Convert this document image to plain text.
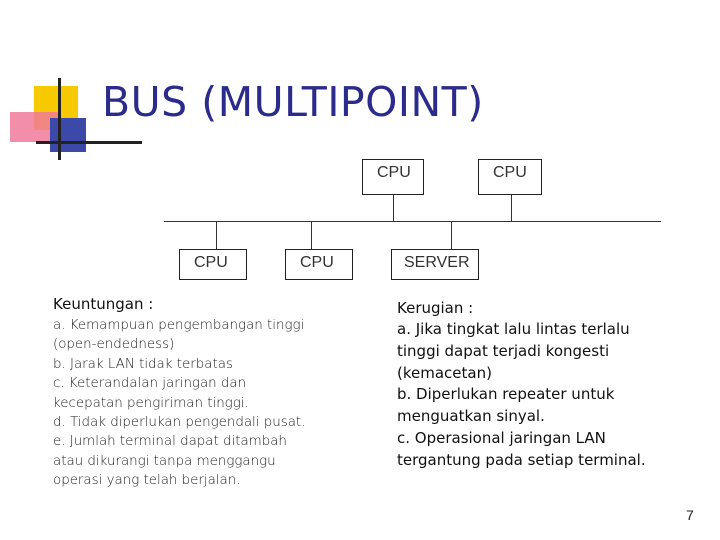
BUS (MULTIPOINT)
CPU	CPU
CPU	CPU	SERVER
Keuntungan :
a. Kemampuan pengembangan tinggi
(open-endedness)
b. Jarak LAN tidak terbatas
c. Keterandalan jaringan dan
kecepatan pengiriman tinggi.
d. Tidak diperlukan pengendali pusat.
e. Jumlah terminal dapat ditambah
atau dikurangi tanpa menggangu
operasi yang telah berjalan.
Kerugian :
a. Jika tingkat lalu lintas terlalu
tinggi dapat terjadi kongesti
(kemacetan)
b. Diperlukan repeater untuk
menguatkan sinyal.
c. Operasional jaringan LAN
tergantung pada setiap terminal.
7
